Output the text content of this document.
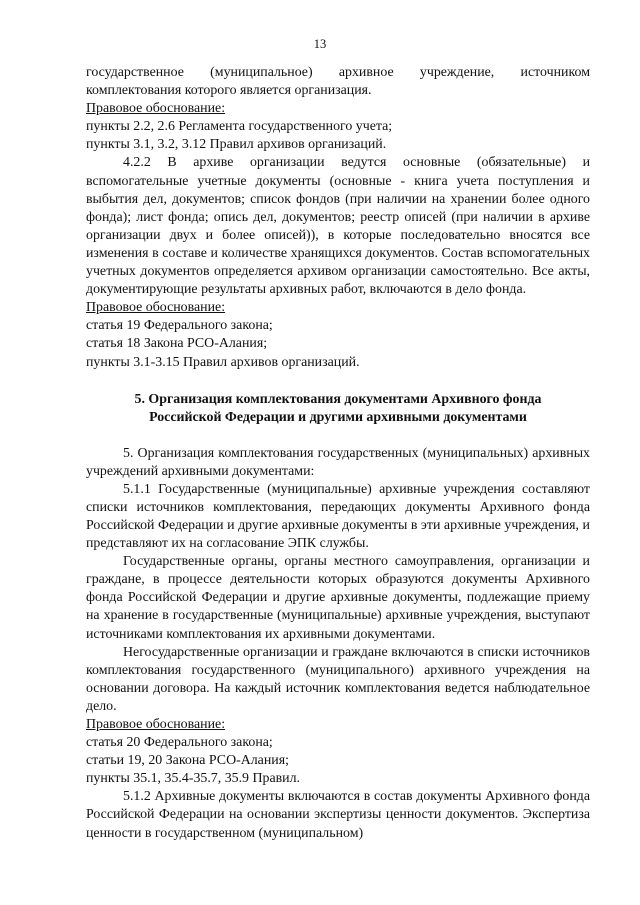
13

государственное (муниципальное) архивное учреждение, источником комплектования которого является организация.

Правовое обоснование:

пункты 2.2, 2.6 Регламента государственного учета;

пункты 3.1, 3.2, 3.12 Правил архивов организаций.

4.2.2 В архиве организации ведутся основные (обязательные) и вспомогательные учетные документы (основные - книга учета поступления и выбытия дел, документов; список фондов (при наличии на хранении более одного фонда); лист фонда; опись дел, документов; реестр описей (при наличии в архиве организации двух и более описей)), в которые последовательно вносятся все изменения в составе и количестве хранящихся документов. Состав вспомогательных учетных документов определяется архивом организации самостоятельно. Все акты, документирующие результаты архивных работ, включаются в дело фонда.

Правовое обоснование:

статья 19 Федерального закона;

статья 18 Закона РСО-Алания;

пункты 3.1-3.15 Правил архивов организаций.

5. Организация комплектования документами Архивного фонда

Российской Федерации и другими архивными документами

5. Организация комплектования государственных (муниципальных) архивных учреждений архивными документами:

5.1.1 Государственные (муниципальные) архивные учреждения составляют списки источников комплектования, передающих документы Архивного фонда Российской Федерации и другие архивные документы в эти архивные учреждения, и представляют их на согласование ЭПК службы.

Государственные органы, органы местного самоуправления, организации и граждане, в процессе деятельности которых образуются документы Архивного фонда Российской Федерации и другие архивные документы, подлежащие приему на хранение в государственные (муниципальные) архивные учреждения, выступают источниками комплектования их архивными документами.

Негосударственные организации и граждане включаются в списки источников комплектования государственного (муниципального) архивного учреждения на основании договора. На каждый источник комплектования ведется наблюдательное дело.

Правовое обоснование:

статья 20 Федерального закона;

статьи 19, 20 Закона РСО-Алания;

пункты 35.1, 35.4-35.7, 35.9 Правил.

5.1.2 Архивные документы включаются в состав документы Архивного фонда Российской Федерации на основании экспертизы ценности документов. Экспертиза ценности в государственном (муниципальном)
